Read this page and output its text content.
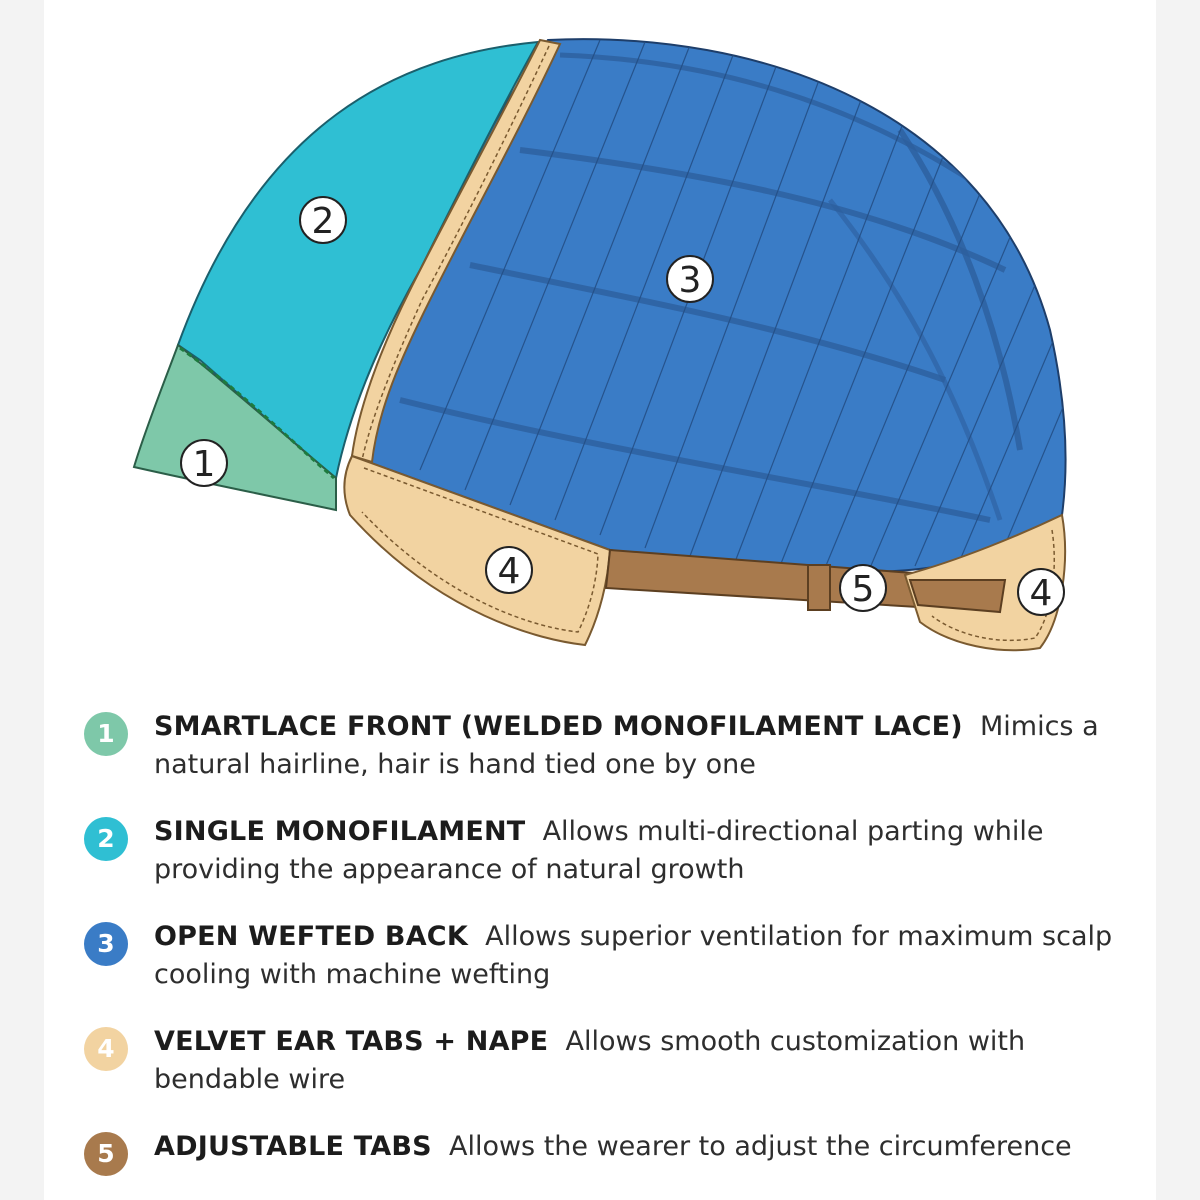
1
2
3
4
4
5
1	SMARTLACE FRONT (WELDED MONOFILAMENT LACE) Mimics a natural hairline, hair is hand tied one by one
2	SINGLE MONOFILAMENT Allows multi-directional parting while providing the appearance of natural growth
3	OPEN WEFTED BACK Allows superior ventilation for maximum scalp cooling with machine wefting
4	VELVET EAR TABS + NAPE Allows smooth customization with bendable wire
5	ADJUSTABLE TABS Allows the wearer to adjust the circumference
